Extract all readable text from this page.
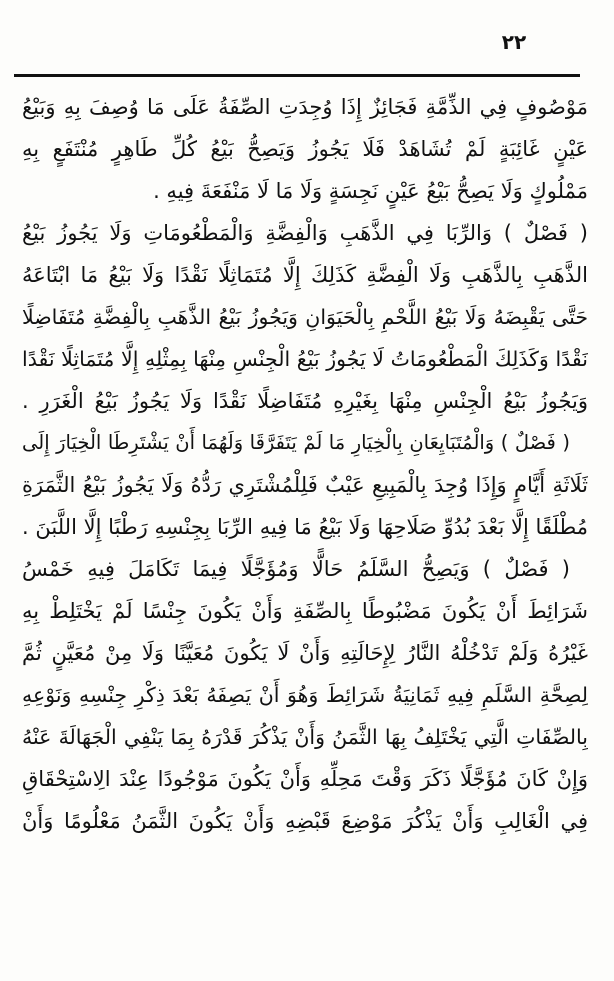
٢٢
مَوْصُوفٍ فِي الذِّمَّةِ فَجَائِزٌ إِذَا وُجِدَتِ الصِّفَةُ عَلَى مَا وُصِفَ بِهِ وَبَيْعُ
عَيْنٍ غَائِبَةٍ لَمْ تُشَاهَدْ فَلَا يَجُوزُ وَيَصِحُّ بَيْعُ كُلِّ طَاهِرٍ مُنْتَفَعٍ بِهِ
مَمْلُوكٍ وَلَا يَصِحُّ بَيْعُ عَيْنٍ نَجِسَةٍ وَلَا مَا لَا مَنْفَعَةَ فِيهِ .
( فَصْلٌ ) وَالرِّبَا فِي الذَّهَبِ وَالْفِضَّةِ وَالْمَطْعُومَاتِ وَلَا يَجُوزُ بَيْعُ
الذَّهَبِ بِالذَّهَبِ وَلَا الْفِضَّةِ كَذَلِكَ إِلَّا مُتَمَاثِلًا نَقْدًا وَلَا بَيْعُ مَا ابْتَاعَهُ
حَتَّى يَقْبِضَهُ وَلَا بَيْعُ اللَّحْمِ بِالْحَيَوَانِ وَيَجُوزُ بَيْعُ الذَّهَبِ بِالْفِضَّةِ مُتَفَاضِلًا
نَقْدًا وَكَذَلِكَ الْمَطْعُومَاتُ لَا يَجُوزُ بَيْعُ الْجِنْسِ مِنْهَا بِمِثْلِهِ إِلَّا مُتَمَاثِلًا نَقْدًا
وَيَجُوزُ بَيْعُ الْجِنْسِ مِنْهَا بِغَيْرِهِ مُتَفَاضِلًا نَقْدًا وَلَا يَجُوزُ بَيْعُ الْغَرَرِ .
( فَصْلٌ ) وَالْمُتَبَايِعَانِ بِالْخِيَارِ مَا لَمْ يَتَفَرَّقَا وَلَهُمَا أَنْ يَشْتَرِطَا الْخِيَارَ إِلَى
ثَلَاثَةِ أَيَّامٍ وَإِذَا وُجِدَ بِالْمَبِيعِ عَيْبٌ فَلِلْمُشْتَرِي رَدُّهُ وَلَا يَجُوزُ بَيْعُ الثَّمَرَةِ
مُطْلَقًا إِلَّا بَعْدَ بُدُوِّ صَلَاحِهَا وَلَا بَيْعُ مَا فِيهِ الرِّبَا بِجِنْسِهِ رَطْبًا إِلَّا اللَّبَنَ .
( فَصْلٌ ) وَيَصِحُّ السَّلَمُ حَالًّا وَمُؤَجَّلًا فِيمَا تَكَامَلَ فِيهِ خَمْسُ
شَرَائِطَ أَنْ يَكُونَ مَضْبُوطًا بِالصِّفَةِ وَأَنْ يَكُونَ جِنْسًا لَمْ يَخْتَلِطْ بِهِ
غَيْرُهُ وَلَمْ تَدْخُلْهُ النَّارُ لِإِحَالَتِهِ وَأَنْ لَا يَكُونَ مُعَيَّنًا وَلَا مِنْ مُعَيَّنٍ ثُمَّ
لِصِحَّةِ السَّلَمِ فِيهِ ثَمَانِيَةُ شَرَائِطَ وَهُوَ أَنْ يَصِفَهُ بَعْدَ ذِكْرِ جِنْسِهِ وَنَوْعِهِ
بِالصِّفَاتِ الَّتِي يَخْتَلِفُ بِهَا الثَّمَنُ وَأَنْ يَذْكُرَ قَدْرَهُ بِمَا يَنْفِي الْجَهَالَةَ عَنْهُ
وَإِنْ كَانَ مُؤَجَّلًا ذَكَرَ وَقْتَ مَحِلِّهِ وَأَنْ يَكُونَ مَوْجُودًا عِنْدَ الِاسْتِحْقَاقِ
فِي الْغَالِبِ وَأَنْ يَذْكُرَ مَوْضِعَ قَبْضِهِ وَأَنْ يَكُونَ الثَّمَنُ مَعْلُومًا وَأَنْ
